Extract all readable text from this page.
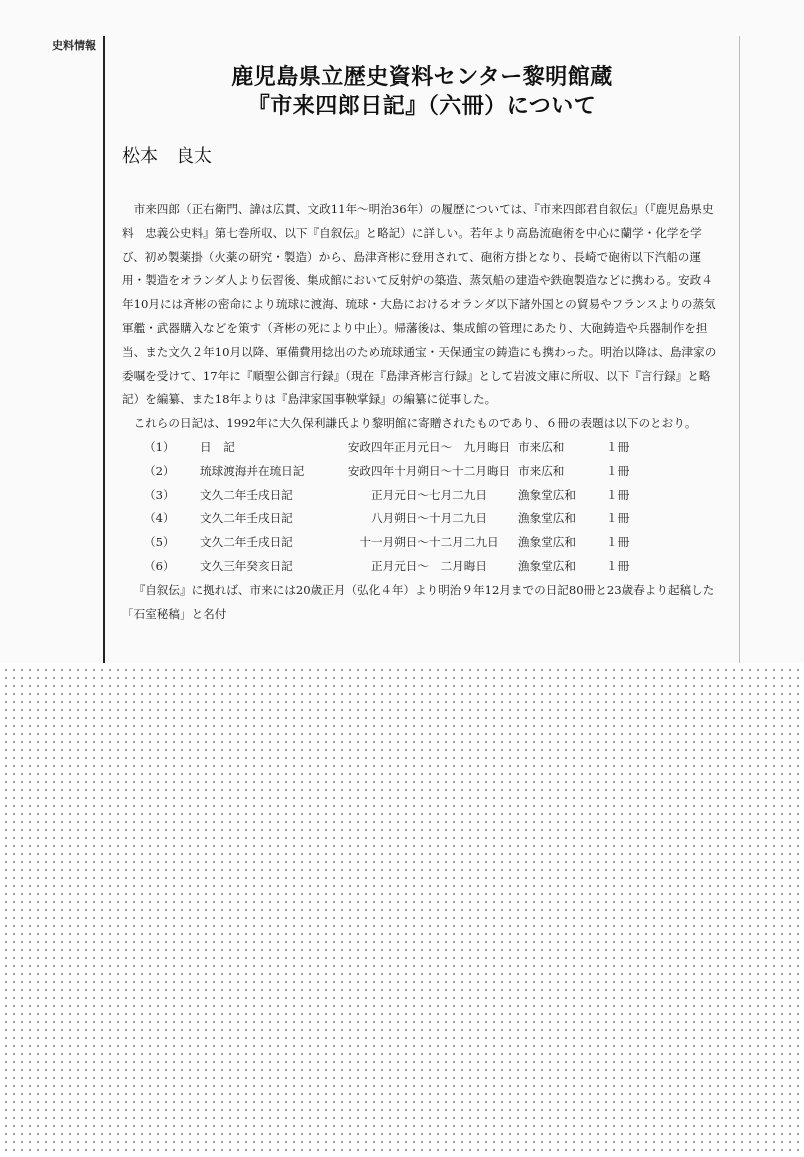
史料情報
鹿児島県立歴史資料センター黎明館蔵
『市来四郎日記』（六冊）について
松本　良太

市来四郎（正右衛門、諱は広貫、文政11年～明治36年）の履歴については、『市来四郎君自叙伝』（『鹿児島県史料　忠義公史料』第七巻所収、以下『自叙伝』と略記）に詳しい。若年より高島流砲術を中心に蘭学・化学を学び、初め製薬掛（火薬の研究・製造）から、島津斉彬に登用されて、砲術方掛となり、長崎で砲術以下汽船の運用・製造をオランダ人より伝習後、集成館において反射炉の築造、蒸気船の建造や鉄砲製造などに携わる。安政４年10月には斉彬の密命により琉球に渡海、琉球・大島におけるオランダ以下諸外国との貿易やフランスよりの蒸気軍艦・武器購入などを策す（斉彬の死により中止）。帰藩後は、集成館の管理にあたり、大砲鋳造や兵器制作を担当、また文久２年10月以降、軍備費用捻出のため琉球通宝・天保通宝の鋳造にも携わった。明治以降は、島津家の委嘱を受けて、17年に『順聖公御言行録』（現在『島津斉彬言行録』として岩波文庫に所収、以下『言行録』と略記）を編纂、また18年よりは『島津家国事鞅掌録』の編纂に従事した。

これらの日記は、1992年に大久保利謙氏より黎明館に寄贈されたものであり、６冊の表題は以下のとおり。

（1）	日　記	安政四年正月元日～　九月晦日 市来広和	１冊
（2）	琉球渡海并在琉日記	安政四年十月朔日～十二月晦日 市来広和	１冊
（3）	文久二年壬戌日記	正月元日～七月二九日	漁象堂広和	１冊
（4）	文久二年壬戌日記	八月朔日～十月二九日	漁象堂広和	１冊
（5）	文久二年壬戌日記	十一月朔日～十二月二九日	漁象堂広和	１冊
（6）	文久三年癸亥日記	正月元日～　二月晦日	漁象堂広和	１冊

『自叙伝』に拠れば、市来には20歳正月（弘化４年）より明治９年12月までの日記80冊と23歳春より起稿した「石室秘稿」と名付
